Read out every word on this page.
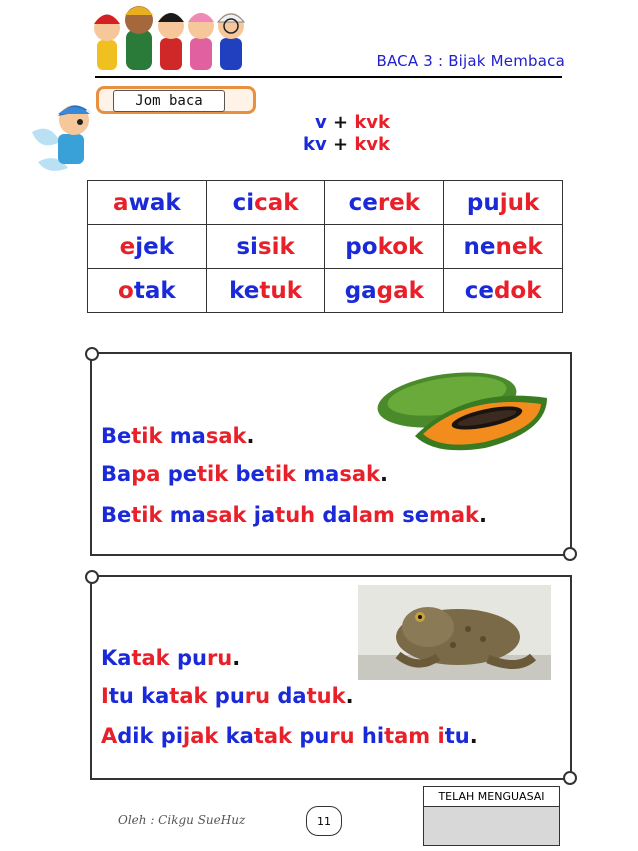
BACA 3 : Bijak Membaca
Jom baca
v + kvk
kv + kvk
awak	cicak	cerek	pujuk
ejek	sisik	pokok	nenek
otak	ketuk	gagak	cedok
Betik masak.
Bapa petik betik masak.
Betik masak jatuh dalam semak.
Katak puru.
Itu katak puru datuk.
Adik pijak katak puru hitam itu.
Oleh : Cikgu SueHuz	11
TELAH MENGUASAI
